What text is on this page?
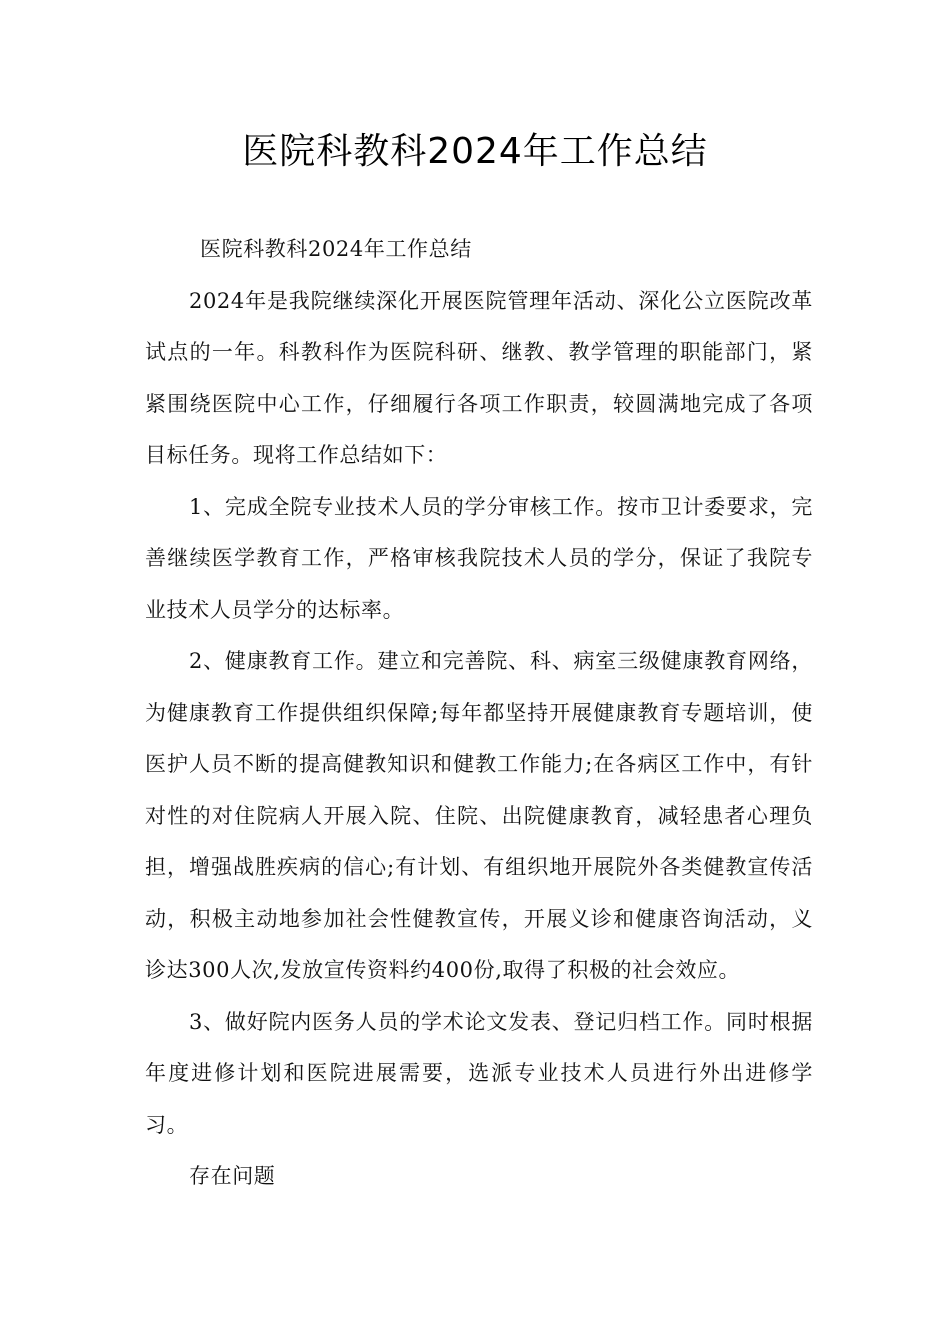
医院科教科2024年工作总结

医院科教科2024年工作总结

2024年是我院继续深化开展医院管理年活动、深化公立医院改革试点的一年。科教科作为医院科研、继教、教学管理的职能部门，紧紧围绕医院中心工作，仔细履行各项工作职责，较圆满地完成了各项目标任务。现将工作总结如下：

1、完成全院专业技术人员的学分审核工作。按市卫计委要求，完善继续医学教育工作，严格审核我院技术人员的学分，保证了我院专业技术人员学分的达标率。

2、健康教育工作。建立和完善院、科、病室三级健康教育网络，为健康教育工作提供组织保障;每年都坚持开展健康教育专题培训，使医护人员不断的提高健教知识和健教工作能力;在各病区工作中，有针对性的对住院病人开展入院、住院、出院健康教育，减轻患者心理负担，增强战胜疾病的信心;有计划、有组织地开展院外各类健教宣传活动，积极主动地参加社会性健教宣传，开展义诊和健康咨询活动，义诊达300人次,发放宣传资料约400份,取得了积极的社会效应。

3、做好院内医务人员的学术论文发表、登记归档工作。同时根据年度进修计划和医院进展需要，选派专业技术人员进行外出进修学习。

存在问题
